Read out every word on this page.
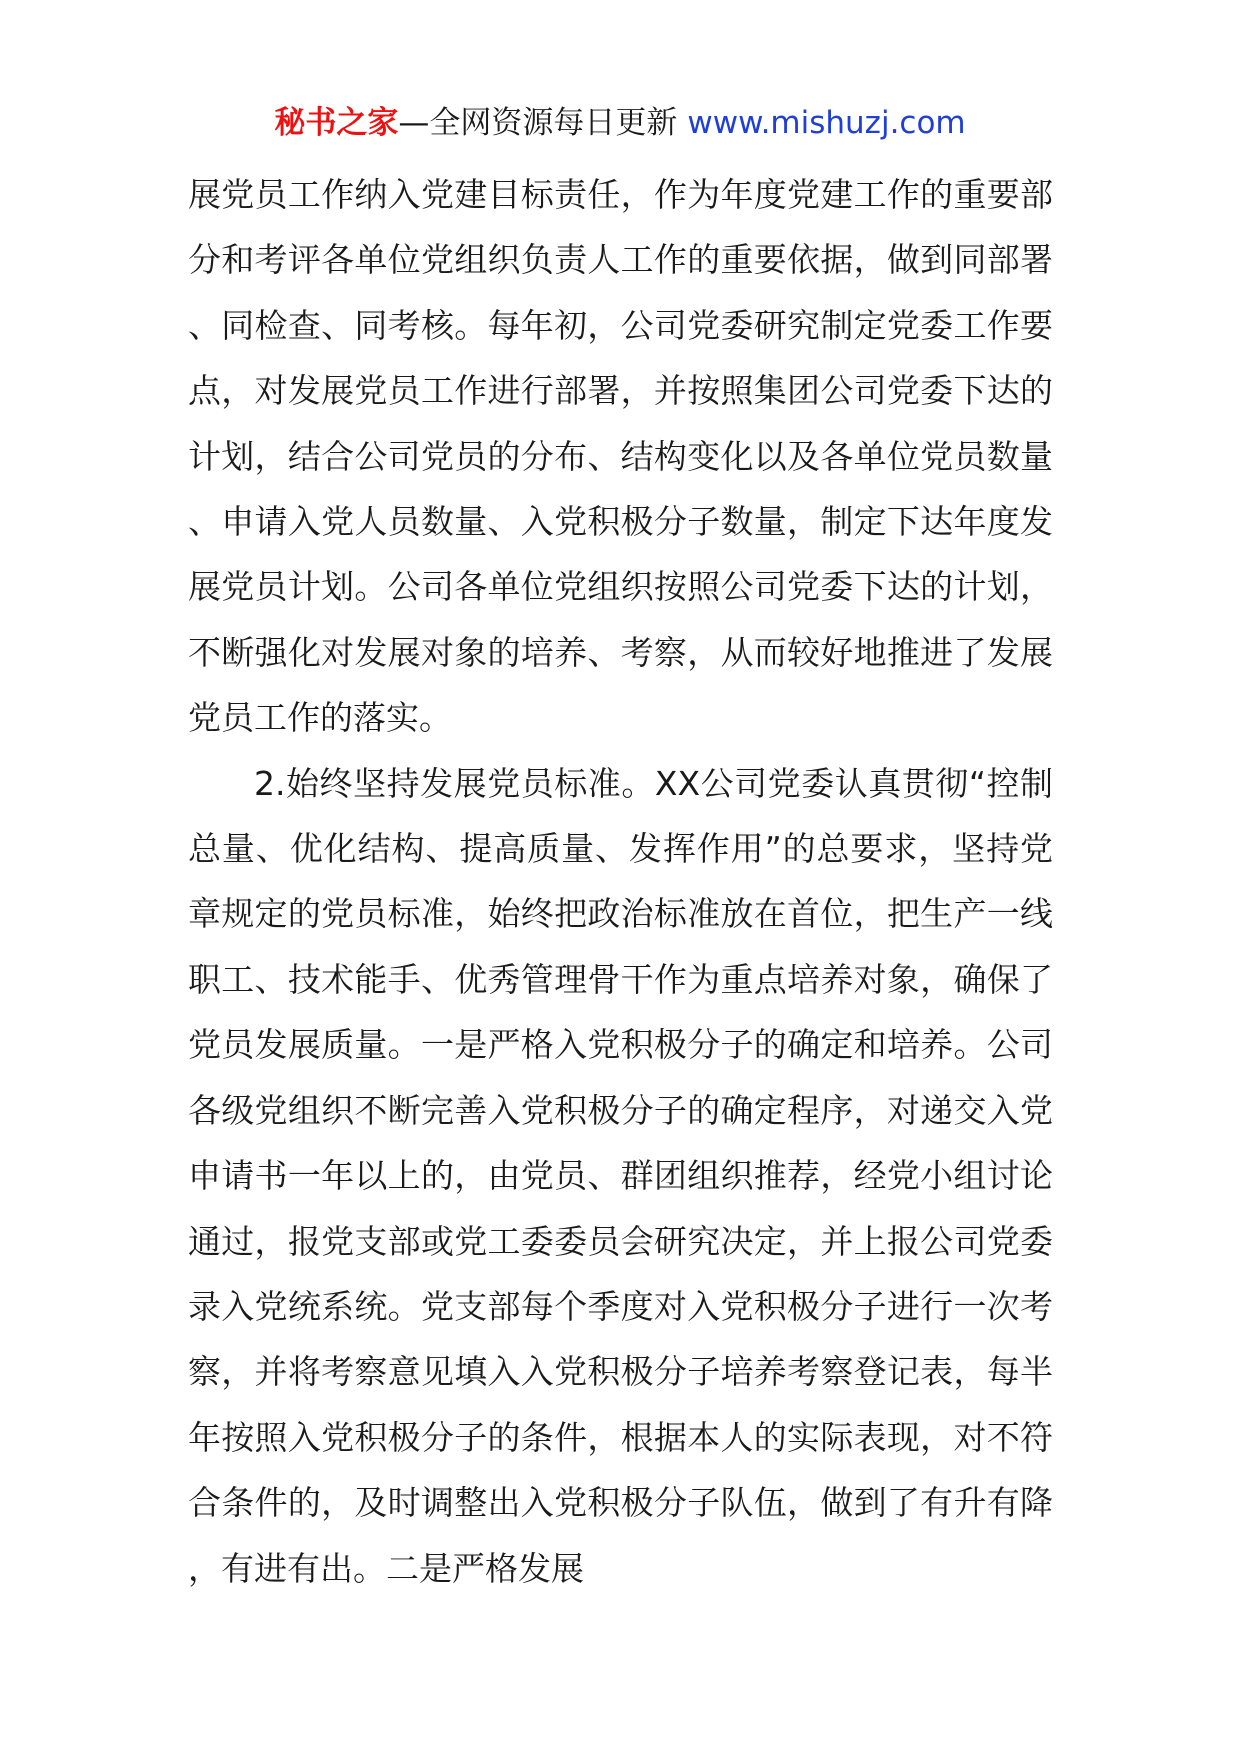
秘书之家—全网资源每日更新 www.mishuzj.com

展党员工作纳入党建目标责任，作为年度党建工作的重要部分和考评各单位党组织负责人工作的重要依据，做到同部署、同检查、同考核。每年初，公司党委研究制定党委工作要点，对发展党员工作进行部署，并按照集团公司党委下达的计划，结合公司党员的分布、结构变化以及各单位党员数量、申请入党人员数量、入党积极分子数量，制定下达年度发展党员计划。公司各单位党组织按照公司党委下达的计划，不断强化对发展对象的培养、考察，从而较好地推进了发展党员工作的落实。

2.始终坚持发展党员标准。XX公司党委认真贯彻“控制总量、优化结构、提高质量、发挥作用”的总要求，坚持党章规定的党员标准，始终把政治标准放在首位，把生产一线职工、技术能手、优秀管理骨干作为重点培养对象，确保了党员发展质量。一是严格入党积极分子的确定和培养。公司各级党组织不断完善入党积极分子的确定程序，对递交入党申请书一年以上的，由党员、群团组织推荐，经党小组讨论通过，报党支部或党工委委员会研究决定，并上报公司党委录入党统系统。党支部每个季度对入党积极分子进行一次考察，并将考察意见填入入党积极分子培养考察登记表，每半年按照入党积极分子的条件，根据本人的实际表现，对不符合条件的，及时调整出入党积极分子队伍，做到了有升有降，有进有出。二是严格发展
